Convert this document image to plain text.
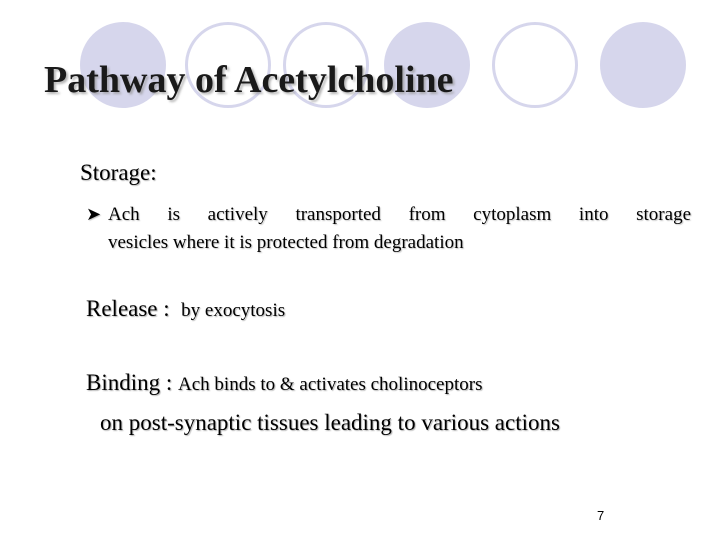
Pathway of Acetylcholine
Storage:
➤ Ach is actively transported from cytoplasm into storage
vesicles where it is protected from degradation
Release : by exocytosis
Binding : Ach binds to & activates cholinoceptors
on post-synaptic tissues leading to various actions
7
